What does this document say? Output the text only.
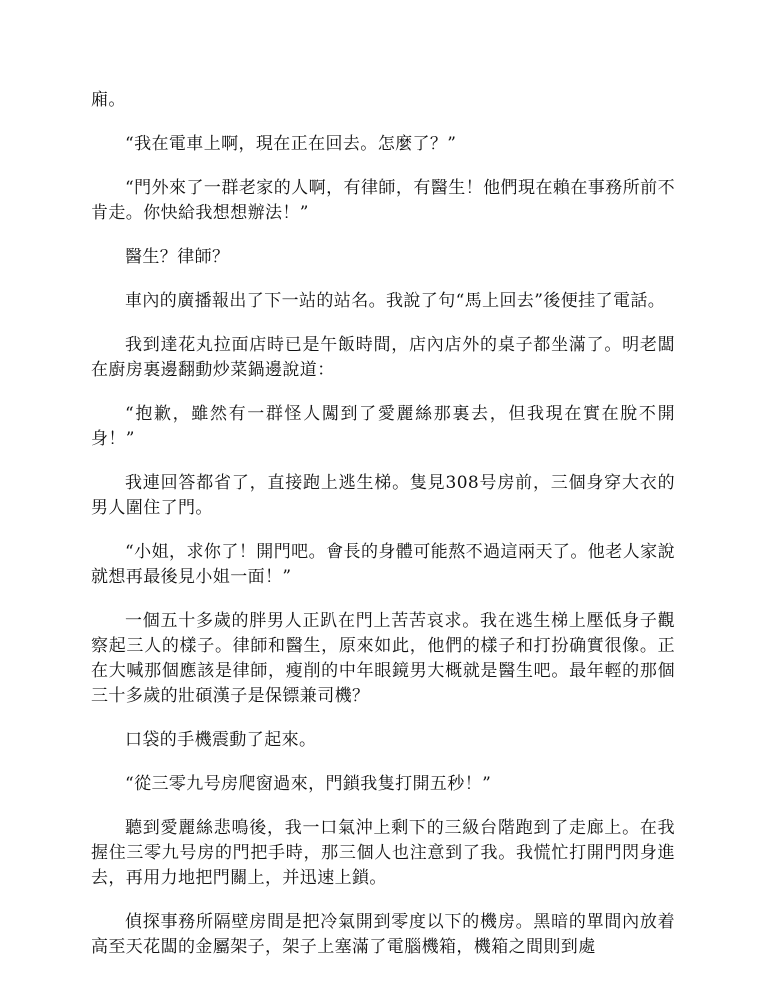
廂。

“我在電車上啊，現在正在回去。怎麼了？”

“門外來了一群老家的人啊，有律師，有醫生！他們現在賴在事務所前不肯走。你快給我想想辦法！”

醫生？律師？

車內的廣播報出了下一站的站名。我說了句“馬上回去”後便挂了電話。

我到達花丸拉面店時已是午飯時間，店內店外的桌子都坐滿了。明老闆在廚房裏邊翻動炒菜鍋邊說道：

“抱歉，雖然有一群怪人闖到了愛麗絲那裏去，但我現在實在脫不開身！”

我連回答都省了，直接跑上逃生梯。隻見308号房前，三個身穿大衣的男人圍住了門。

“小姐，求你了！開門吧。會長的身體可能熬不過這兩天了。他老人家說就想再最後見小姐一面！”

一個五十多歲的胖男人正趴在門上苦苦哀求。我在逃生梯上壓低身子觀察起三人的樣子。律師和醫生，原來如此，他們的樣子和打扮确實很像。正在大喊那個應該是律師，瘦削的中年眼鏡男大概就是醫生吧。最年輕的那個三十多歲的壯碩漢子是保镖兼司機？

口袋的手機震動了起來。

“從三零九号房爬窗過來，門鎖我隻打開五秒！”

聽到愛麗絲悲鳴後，我一口氣沖上剩下的三級台階跑到了走廊上。在我握住三零九号房的門把手時，那三個人也注意到了我。我慌忙打開門閃身進去，再用力地把門關上，并迅速上鎖。

偵探事務所隔壁房間是把冷氣開到零度以下的機房。黑暗的單間內放着高至天花闆的金屬架子，架子上塞滿了電腦機箱，機箱之間則到處
